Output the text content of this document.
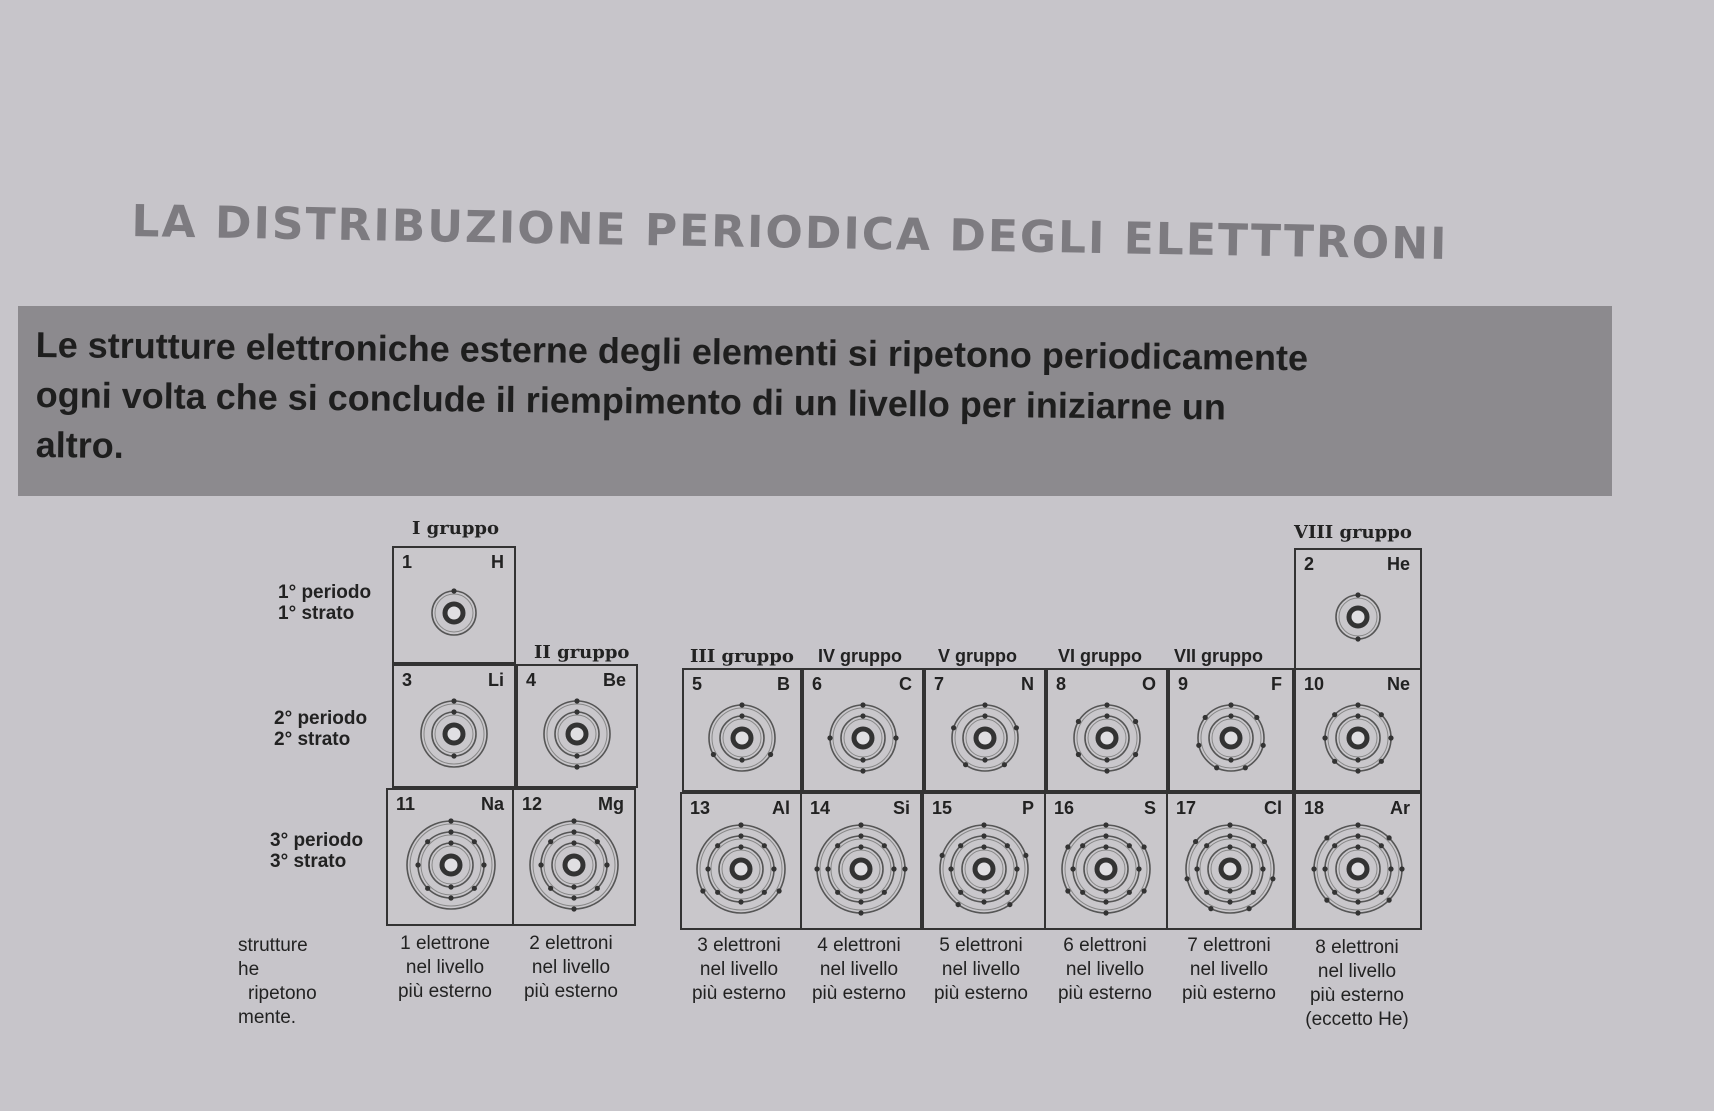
LA DISTRIBUZIONE PERIODICA DEGLI ELETTTRONI

Le strutture elettroniche esterne degli elementi si ripetono periodicamente

ogni volta che si conclude il riempimento di un livello per iniziarne un

altro.

I gruppo
II gruppo	III gruppo IV gruppo V gruppo VI gruppo VII gruppo
VIII gruppo
1° periodo
1° strato
2° periodo
2° strato
3° periodo
3° strato
1	H	2	He
3	Li 4	Be	5	B 6	C 7	N 8	O 9	F 10	Ne
11	Na 12	Mg	13	Al 14	Si 15	P 16	S 17	Cl 18	Ar
1 elettrone
nel livello
più esterno
2 elettroni
nel livello
più esterno
3 elettroni
nel livello
più esterno
4 elettroni
nel livello
più esterno
5 elettroni
nel livello
più esterno
6 elettroni
nel livello
più esterno
7 elettroni
nel livello
più esterno
8 elettroni
nel livello
più esterno
(eccetto He)
strutture
he
ripetono
mente.
